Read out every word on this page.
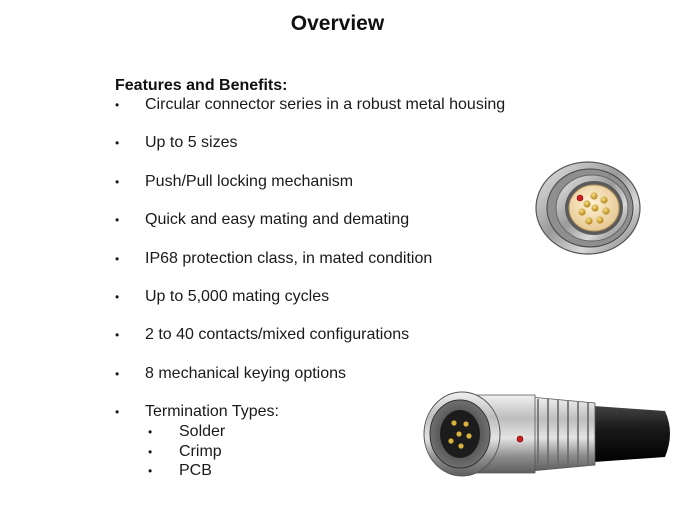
Overview
Features and Benefits:
• Circular connector series in a robust metal housing
• Up to 5 sizes
• Push/Pull locking mechanism
• Quick and easy mating and demating
• IP68 protection class, in mated condition
• Up to 5,000 mating cycles
• 2 to 40 contacts/mixed configurations
• 8 mechanical keying options
• Termination Types:
• Solder
• Crimp
• PCB
